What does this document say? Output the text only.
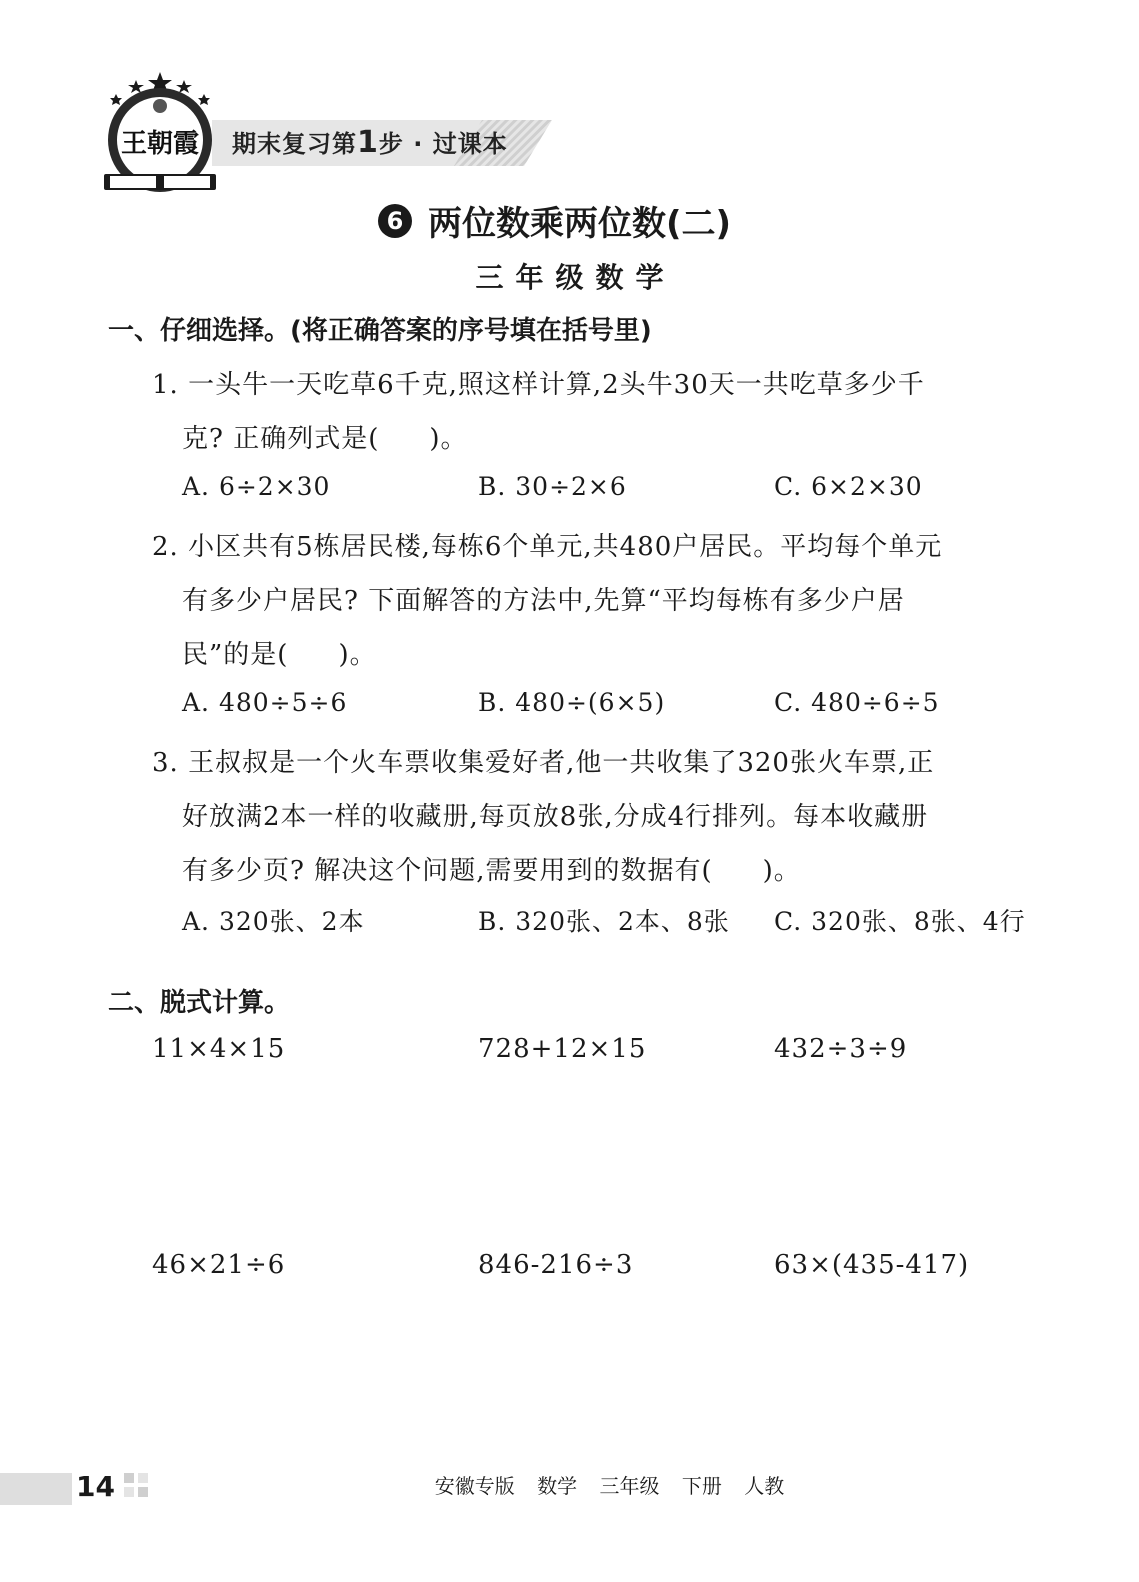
王朝霞 期末复习第1步 · 过课本
6 两位数乘两位数(二)
三年级数学
一、仔细选择。(将正确答案的序号填在括号里)
1. 一头牛一天吃草6千克,照这样计算,2头牛30天一共吃草多少千
克? 正确列式是( )。
A. 6÷2×30	B. 30÷2×6	C. 6×2×30
2. 小区共有5栋居民楼,每栋6个单元,共480户居民。平均每个单元
有多少户居民? 下面解答的方法中,先算“平均每栋有多少户居
民”的是( )。
A. 480÷5÷6	B. 480÷(6×5)	C. 480÷6÷5
3. 王叔叔是一个火车票收集爱好者,他一共收集了320张火车票,正
好放满2本一样的收藏册,每页放8张,分成4行排列。每本收藏册
有多少页? 解决这个问题,需要用到的数据有( )。
A. 320张、2本	B. 320张、2本、8张 C. 320张、8张、4行
二、脱式计算。
11×4×15	728+12×15	432÷3÷9
46×21÷6	846-216÷3	63×(435-417)
14	安徽专版 数学 三年级 下册 人教
